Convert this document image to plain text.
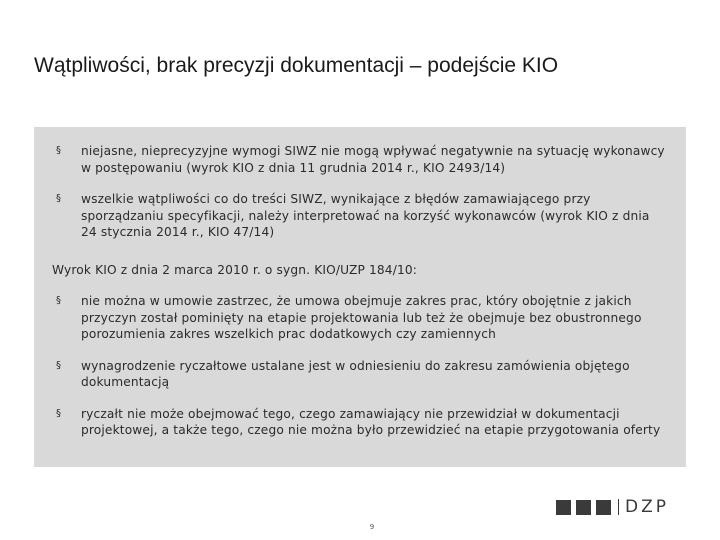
Wątpliwości, brak precyzji dokumentacji – podejście KIO
§ niejasne, nieprecyzyjne wymogi SIWZ nie mogą wpływać negatywnie na sytuację wykonawcy w postępowaniu (wyrok KIO z dnia 11 grudnia 2014 r., KIO 2493/14)
§ wszelkie wątpliwości co do treści SIWZ, wynikające z błędów zamawiającego przy sporządzaniu specyfikacji, należy interpretować na korzyść wykonawców (wyrok KIO z dnia 24 stycznia 2014 r., KIO 47/14)
Wyrok KIO z dnia 2 marca 2010 r. o sygn. KIO/UZP 184/10:
§ nie można w umowie zastrzec, że umowa obejmuje zakres prac, który obojętnie z jakich przyczyn został pominięty na etapie projektowania lub też że obejmuje bez obustronnego porozumienia zakres wszelkich prac dodatkowych czy zamiennych
§ wynagrodzenie ryczałtowe ustalane jest w odniesieniu do zakresu zamówienia objętego dokumentacją
§ ryczałt nie może obejmować tego, czego zamawiający nie przewidział w dokumentacji projektowej, a także tego, czego nie można było przewidzieć na etapie przygotowania oferty
DZP
9
